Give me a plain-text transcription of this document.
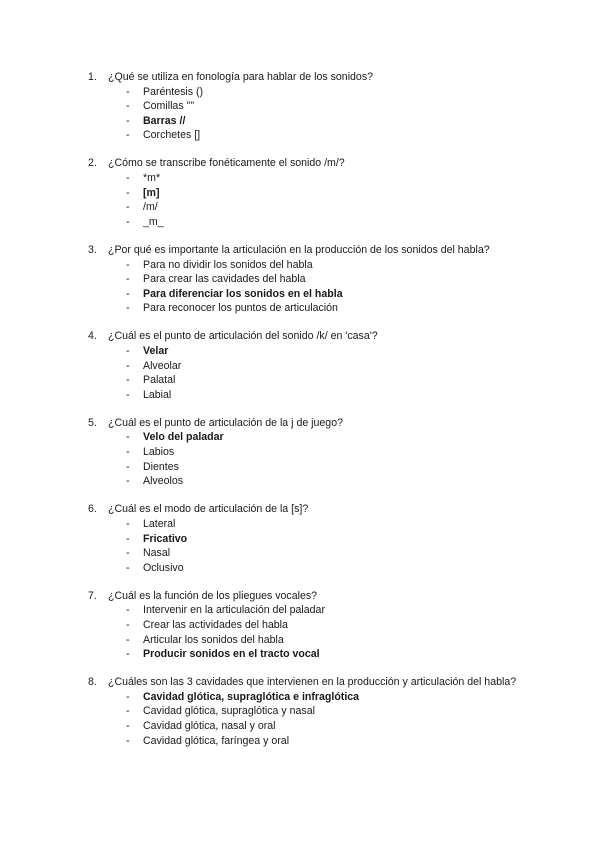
1.	¿Qué se utiliza en fonología para hablar de los sonidos?
-	Paréntesis ()
-	Comillas ""
-	Barras //
-	Corchetes []
2.	¿Cómo se transcribe fonéticamente el sonido /m/?
-	*m*
-	[m]
-	/m/
-	_m_
3.	¿Por qué es importante la articulación en la producción de los sonidos del habla?
-	Para no dividir los sonidos del habla
-	Para crear las cavidades del habla
-	Para diferenciar los sonidos en el habla
-	Para reconocer los puntos de articulación
4.	¿Cuál es el punto de articulación del sonido /k/ en 'casa'?
-	Velar
-	Alveolar
-	Palatal
-	Labial
5.	¿Cuál es el punto de articulación de la j de juego?
-	Velo del paladar
-	Labios
-	Dientes
-	Alveolos
6.	¿Cuál es el modo de articulación de la [s]?
-	Lateral
-	Fricativo
-	Nasal
-	Oclusivo
7.	¿Cuál es la función de los pliegues vocales?
-	Intervenir en la articulación del paladar
-	Crear las actividades del habla
-	Articular los sonidos del habla
-	Producir sonidos en el tracto vocal
8.	¿Cuáles son las 3 cavidades que intervienen en la producción y articulación del habla?
-	Cavidad glótica, supraglótica e infraglótica
-	Cavidad glótica, supraglótica y nasal
-	Cavidad glótica, nasal y oral
-	Cavidad glótica, faríngea y oral
